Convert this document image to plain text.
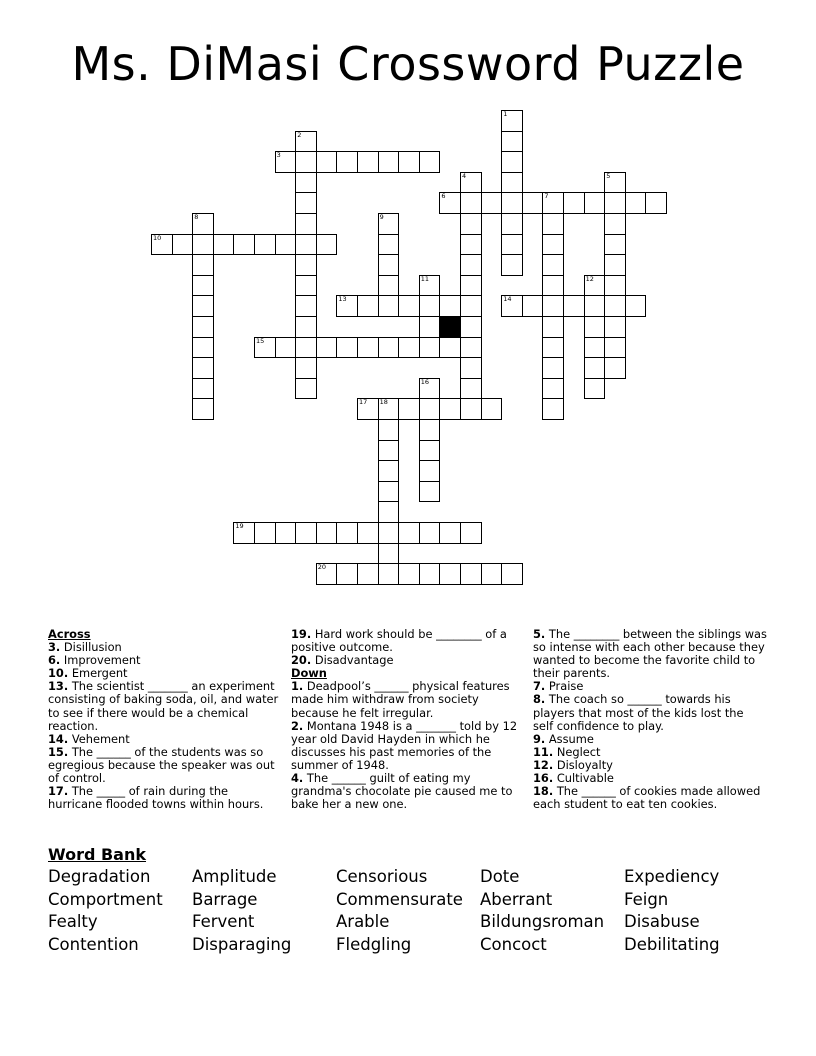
Ms. DiMasi Crossword Puzzle
1
2
3
4	5
6	7
8	9
10
11	12
13	14
15
16
17 18
19
20
Across
3. Disillusion
6. Improvement
10. Emergent
13. The scientist _______ an experiment consisting of baking soda, oil, and water to see if there would be a chemical reaction.
14. Vehement
15. The ______ of the students was so egregious because the speaker was out of control.
17. The _____ of rain during the hurricane flooded towns within hours.
19. Hard work should be ________ of a positive outcome.
20. Disadvantage
Down
1. Deadpool’s ______ physical features made him withdraw from society because he felt irregular.
2. Montana 1948 is a _______ told by 12 year old David Hayden in which he discusses his past memories of the summer of 1948.
4. The ______ guilt of eating my grandma's chocolate pie caused me to bake her a new one.
5. The ________ between the siblings was so intense with each other because they wanted to become the favorite child to their parents.
7. Praise
8. The coach so ______ towards his players that most of the kids lost the self confidence to play.
9. Assume
11. Neglect
12. Disloyalty
16. Cultivable
18. The ______ of cookies made allowed each student to eat ten cookies.
Word Bank
Degradation	Amplitude	Censorious	Dote	Expediency
Comportment	Barrage	Commensurate	Aberrant	Feign
Fealty	Fervent	Arable	Bildungsroman	Disabuse
Contention	Disparaging	Fledgling	Concoct	Debilitating
